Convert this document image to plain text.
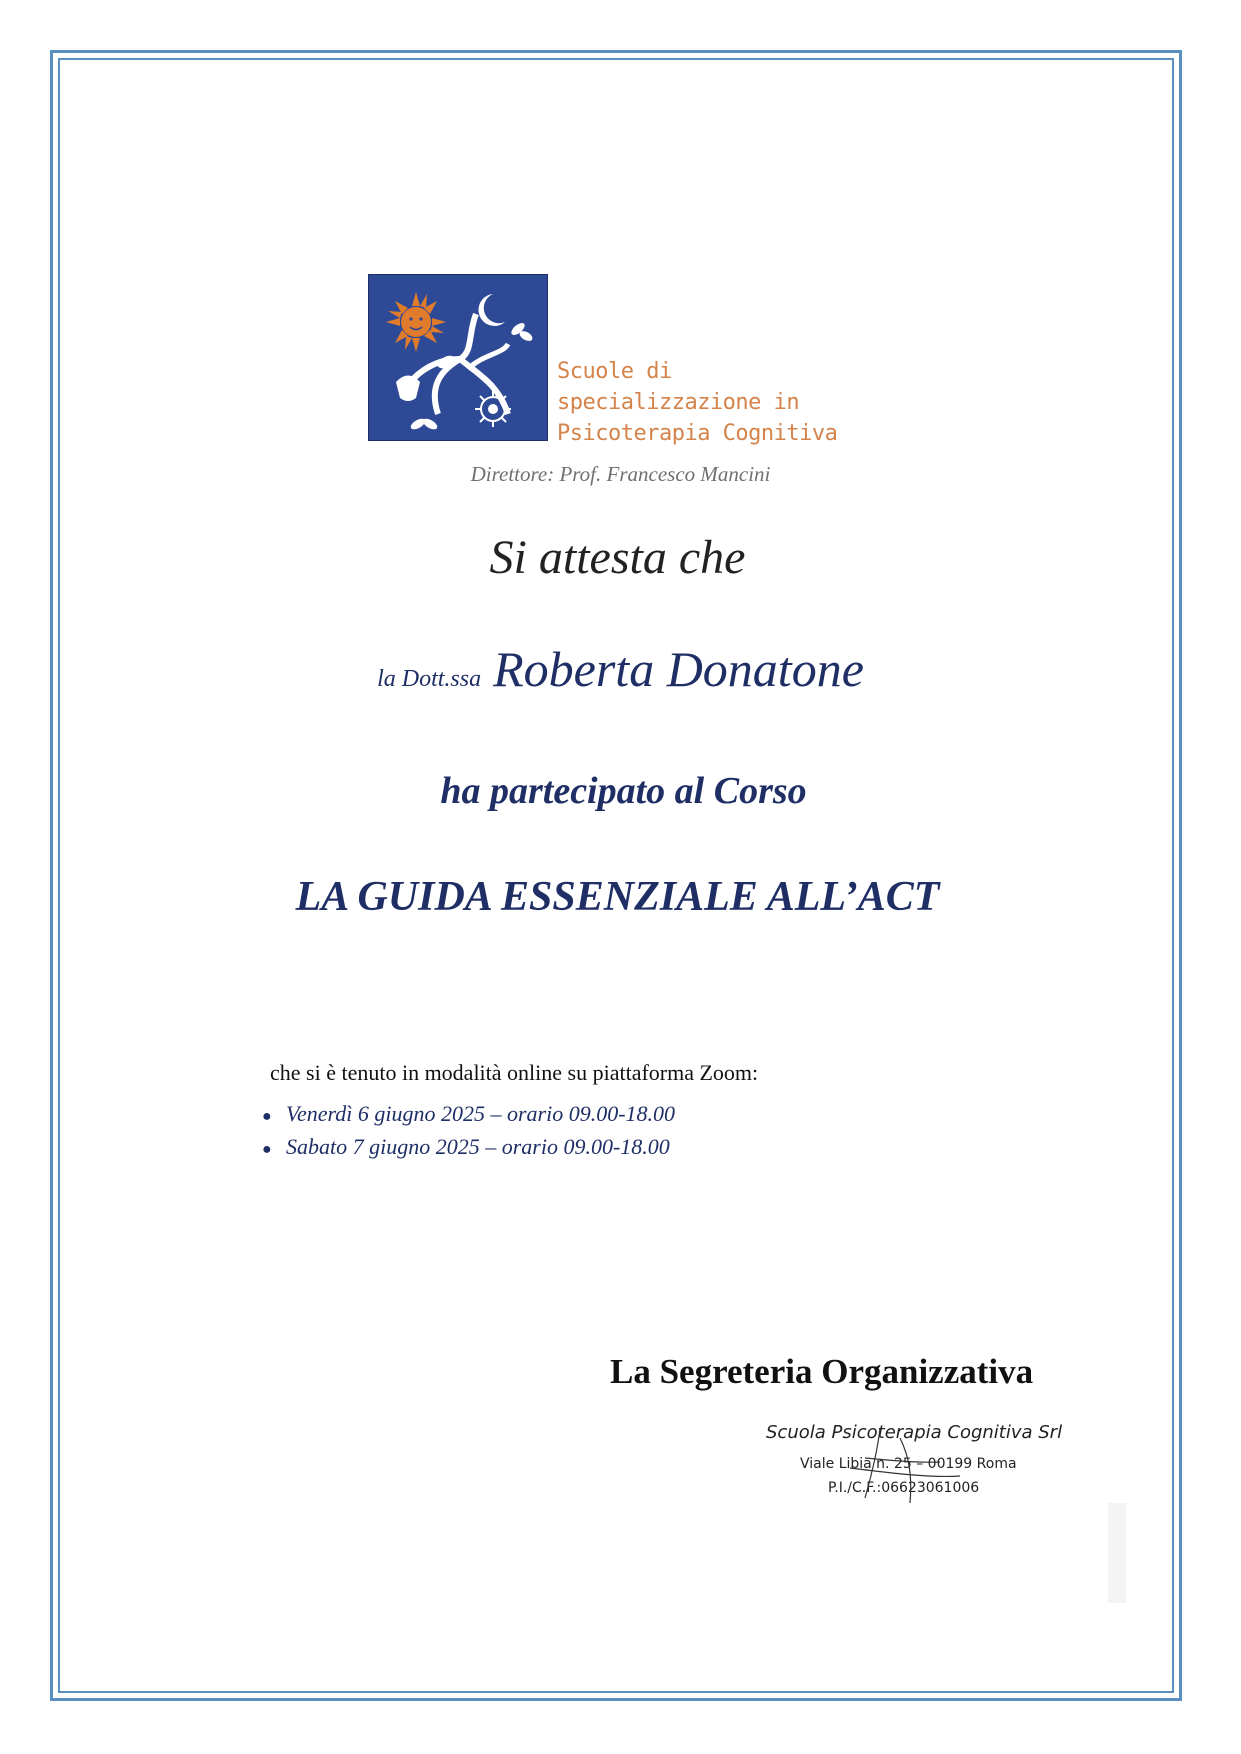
Scuole di
specializzazione in
Psicoterapia Cognitiva
Direttore: Prof. Francesco Mancini
Si attesta che
la Dott.ssa Roberta Donatone
ha partecipato al Corso
LA GUIDA ESSENZIALE ALL’ACT
che si è tenuto in modalità online su piattaforma Zoom:
● Venerdì 6 giugno 2025 – orario 09.00-18.00
● Sabato 7 giugno 2025 – orario 09.00-18.00
La Segreteria Organizzativa
Scuola Psicoterapia Cognitiva Srl
Viale Libia n. 25 – 00199 Roma
P.I./C.F.:06623061006
